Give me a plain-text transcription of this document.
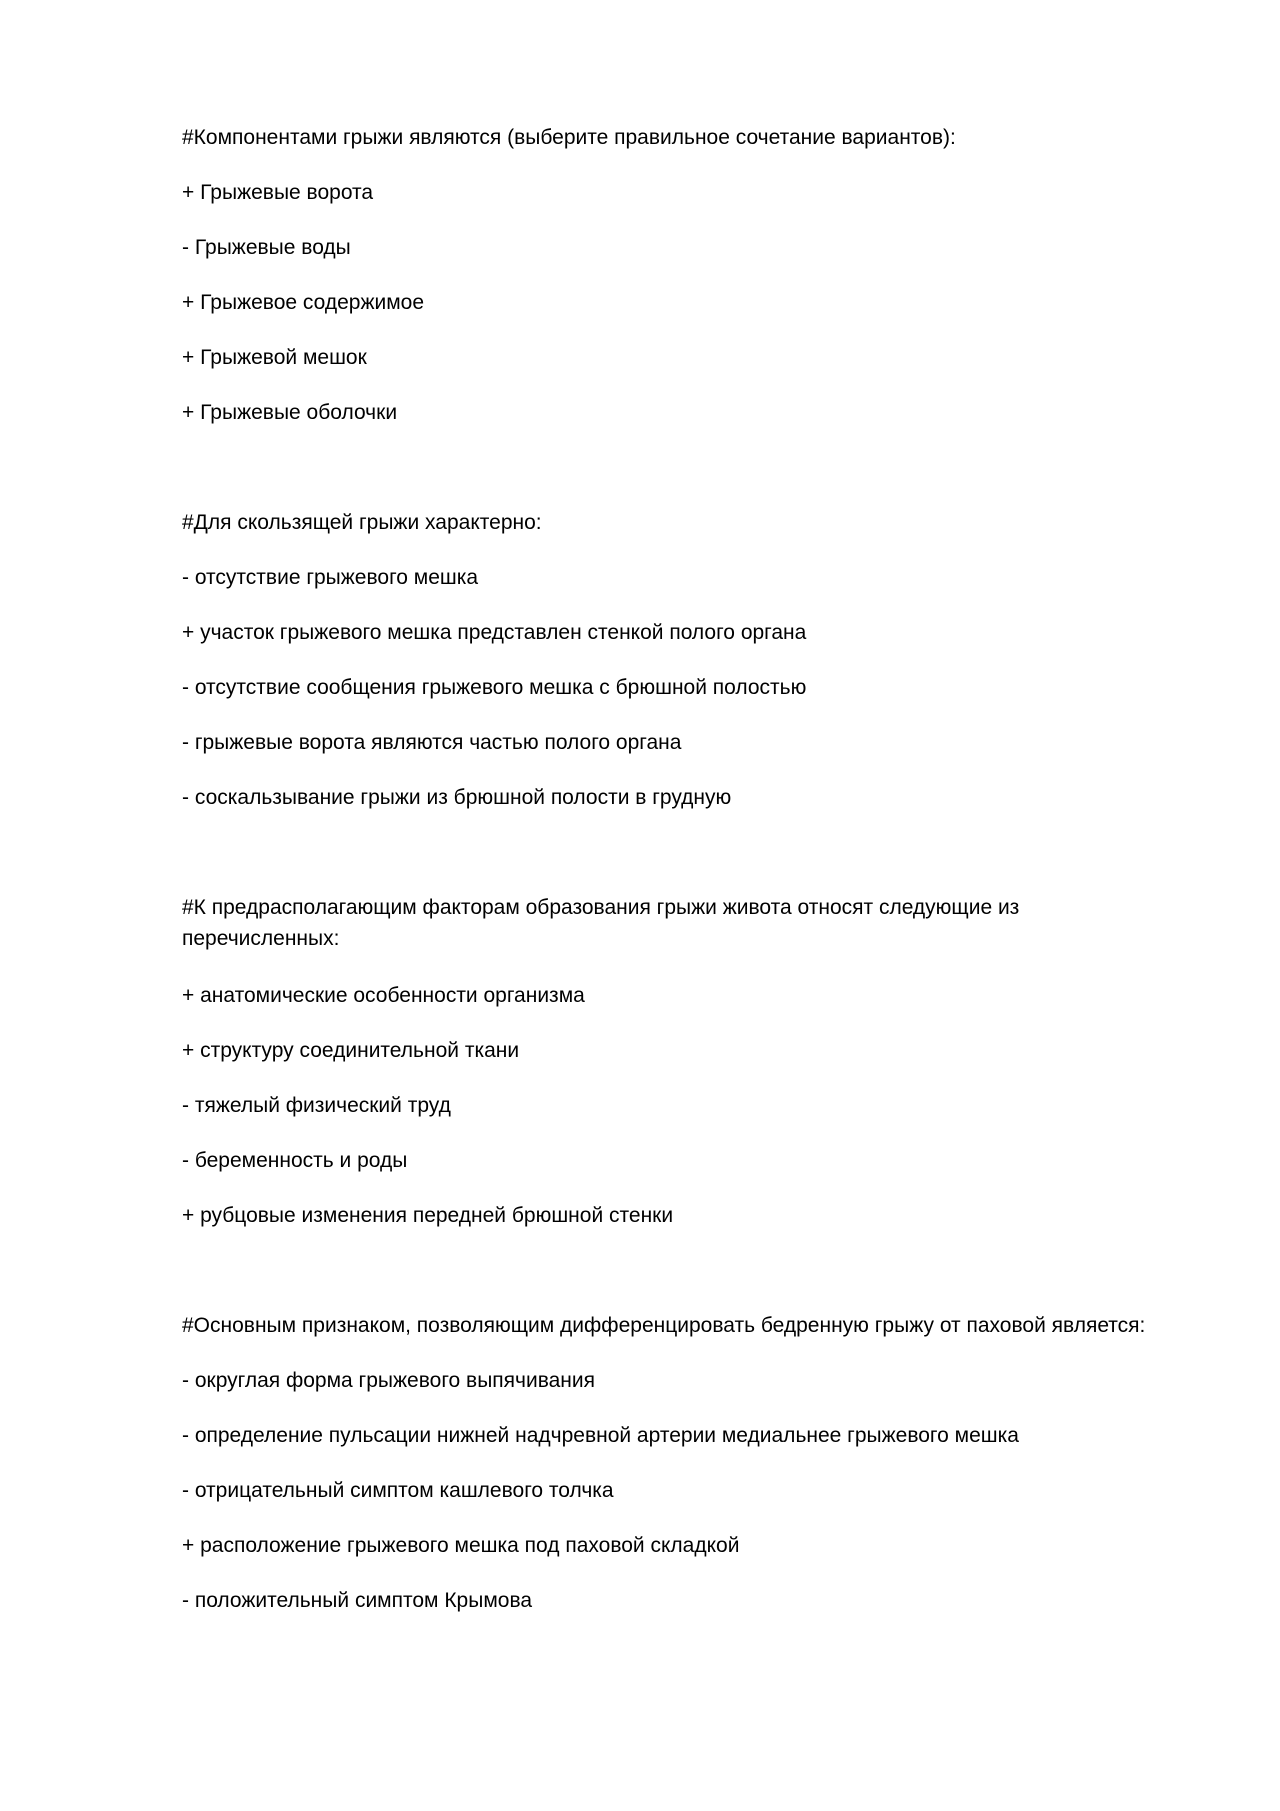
#Компонентами грыжи являются (выберите правильное сочетание вариантов):
+ Грыжевые ворота
- Грыжевые воды
+ Грыжевое содержимое
+ Грыжевой мешок
+ Грыжевые оболочки
#Для скользящей грыжи характерно:
- отсутствие грыжевого мешка
+ участок грыжевого мешка представлен стенкой полого органа
- отсутствие сообщения грыжевого мешка с брюшной полостью
- грыжевые ворота являются частью полого органа
- соскальзывание грыжи из брюшной полости в грудную
#К предрасполагающим факторам образования грыжи живота относят следующие из перечисленных:
+ анатомические особенности организма
+ структуру соединительной ткани
- тяжелый физический труд
- беременность и роды
+ рубцовые изменения передней брюшной стенки
#Основным признаком, позволяющим дифференцировать бедренную грыжу от паховой является:
- округлая форма грыжевого выпячивания
- определение пульсации нижней надчревной артерии медиальнее грыжевого мешка
- отрицательный симптом кашлевого толчка
+ расположение грыжевого мешка под паховой складкой
- положительный симптом Крымова
